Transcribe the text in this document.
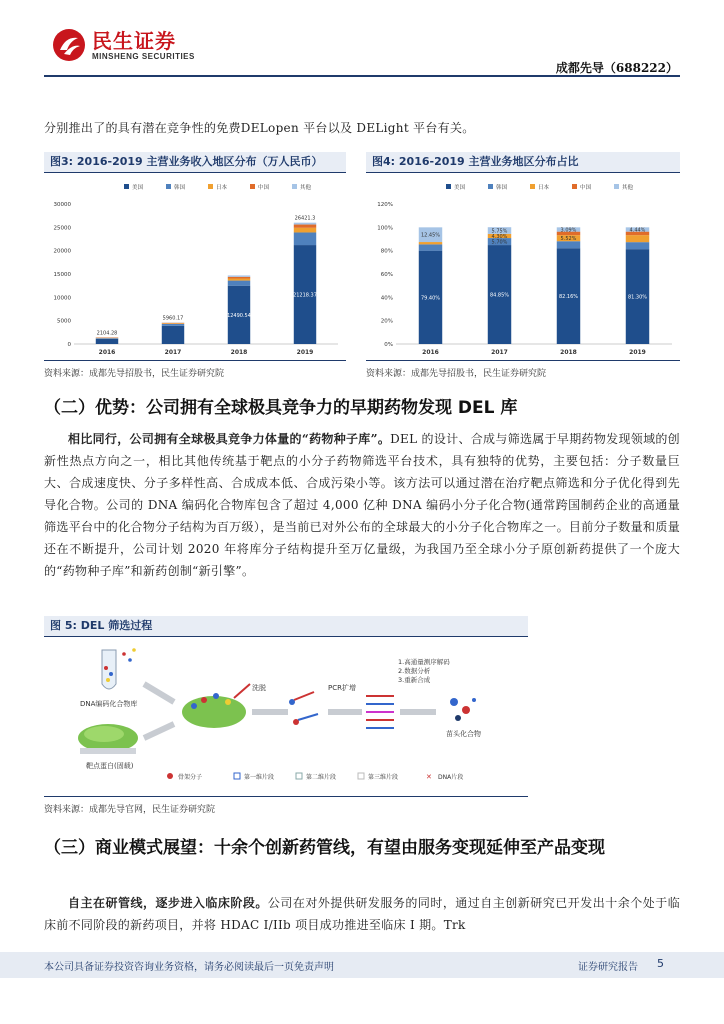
民生证券
MINSHENG SECURITIES
成都先导（688222）
分别推出了的具有潜在竞争性的免费DELopen 平台以及 DELight 平台有关。
图3: 2016-2019 主营业务收入地区分布（万人民币）
美国	韩国	日本	中国	其他
0
5000
10000
15000
20000
25000
30000
2104.28
2016
5960.17
2017
12490.54
2018
21218.37
26421.3
2019
资料来源：成都先导招股书，民生证券研究院
图4: 2016-2019 主营业务地区分布占比
美国	韩国	日本	中国	其他
0%
20%
40%
60%
80%
100%
120%
79.40%
12.45%
2016
84.85%
5.70%
4.30%
5.75%
2017
82.16%
5.52%
3.09%
2018
81.30%
4.44%
2019
资料来源：成都先导招股书，民生证券研究院
（二）优势：公司拥有全球极具竞争力的早期药物发现 DEL 库
相比同行，公司拥有全球极具竞争力体量的“药物种子库”。DEL 的设计、合成与筛选属于早期药物发现领域的创新性热点方向之一，相比其他传统基于靶点的小分子药物筛选平台技术，具有独特的优势，主要包括：分子数量巨大、合成速度快、分子多样性高、合成成本低、合成污染小等。该方法可以通过潜在治疗靶点筛选和分子优化得到先导化合物。公司的 DNA 编码化合物库包含了超过 4,000 亿种 DNA 编码小分子化合物(通常跨国制药企业的高通量筛选平台中的化合物分子结构为百万级），是当前已对外公布的全球最大的小分子化合物库之一。目前分子数量和质量还在不断提升，公司计划 2020 年将库分子结构提升至万亿量级，为我国乃至全球小分子原创新药提供了一个庞大的“药物种子库”和新药创制“新引擎”。
图 5: DEL 筛选过程
DNA编码化合物库
靶点蛋白(固载)
洗脱	PCR扩增
1.高通量测序解码
2.数据分析
3.重新合成
苗头化合物
骨架分子	第一维片段	第二维片段	第三维片段	✕ DNA片段
资料来源：成都先导官网，民生证券研究院
（三）商业模式展望：十余个创新药管线，有望由服务变现延伸至产品变现
自主在研管线，逐步进入临床阶段。公司在对外提供研发服务的同时，通过自主创新研究已开发出十余个处于临床前不同阶段的新药项目，并将 HDAC I/IIb 项目成功推进至临床 I 期。Trk
本公司具备证券投资咨询业务资格，请务必阅读最后一页免责声明	证券研究报告 5
